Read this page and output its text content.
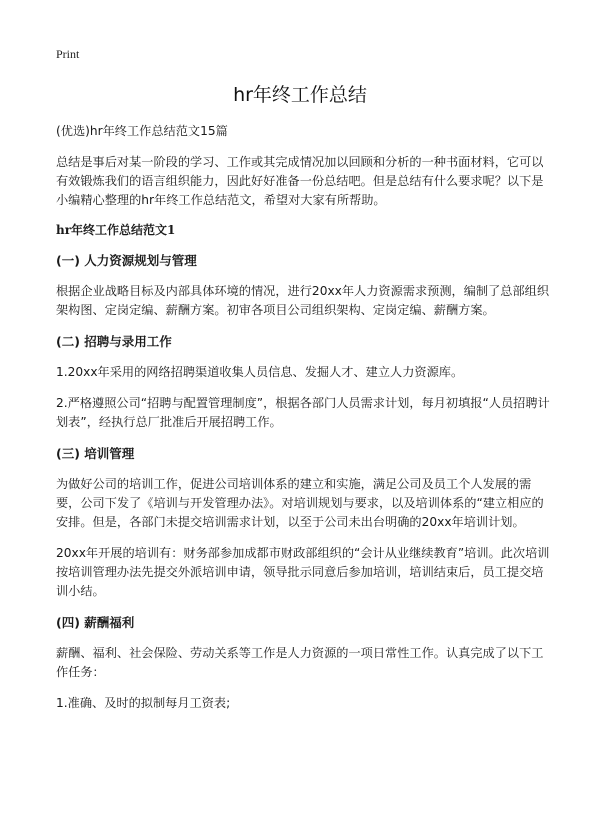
Print
hr年终工作总结

(优选)hr年终工作总结范文15篇

总结是事后对某一阶段的学习、工作或其完成情况加以回顾和分析的一种书面材料，它可以有效锻炼我们的语言组织能力，因此好好准备一份总结吧。但是总结有什么要求呢？以下是小编精心整理的hr年终工作总结范文，希望对大家有所帮助。

hr年终工作总结范文1

(一) 人力资源规划与管理

根据企业战略目标及内部具体环境的情况，进行20xx年人力资源需求预测，编制了总部组织架构图、定岗定编、薪酬方案。初审各项目公司组织架构、定岗定编、薪酬方案。

(二) 招聘与录用工作

1.20xx年采用的网络招聘渠道收集人员信息、发掘人才、建立人力资源库。

2.严格遵照公司“招聘与配置管理制度”，根据各部门人员需求计划，每月初填报“人员招聘计划表”，经执行总厂批准后开展招聘工作。

(三) 培训管理

为做好公司的培训工作，促进公司培训体系的建立和实施，满足公司及员工个人发展的需要，公司下发了《培训与开发管理办法》。对培训规划与要求，以及培训体系的“建立相应的安排。但是，各部门未提交培训需求计划，以至于公司未出台明确的20xx年培训计划。

20xx年开展的培训有：财务部参加成都市财政部组织的“会计从业继续教育”培训。此次培训按培训管理办法先提交外派培训申请，领导批示同意后参加培训，培训结束后，员工提交培训小结。

(四) 薪酬福利

薪酬、福利、社会保险、劳动关系等工作是人力资源的一项日常性工作。认真完成了以下工作任务：

1.准确、及时的拟制每月工资表;
